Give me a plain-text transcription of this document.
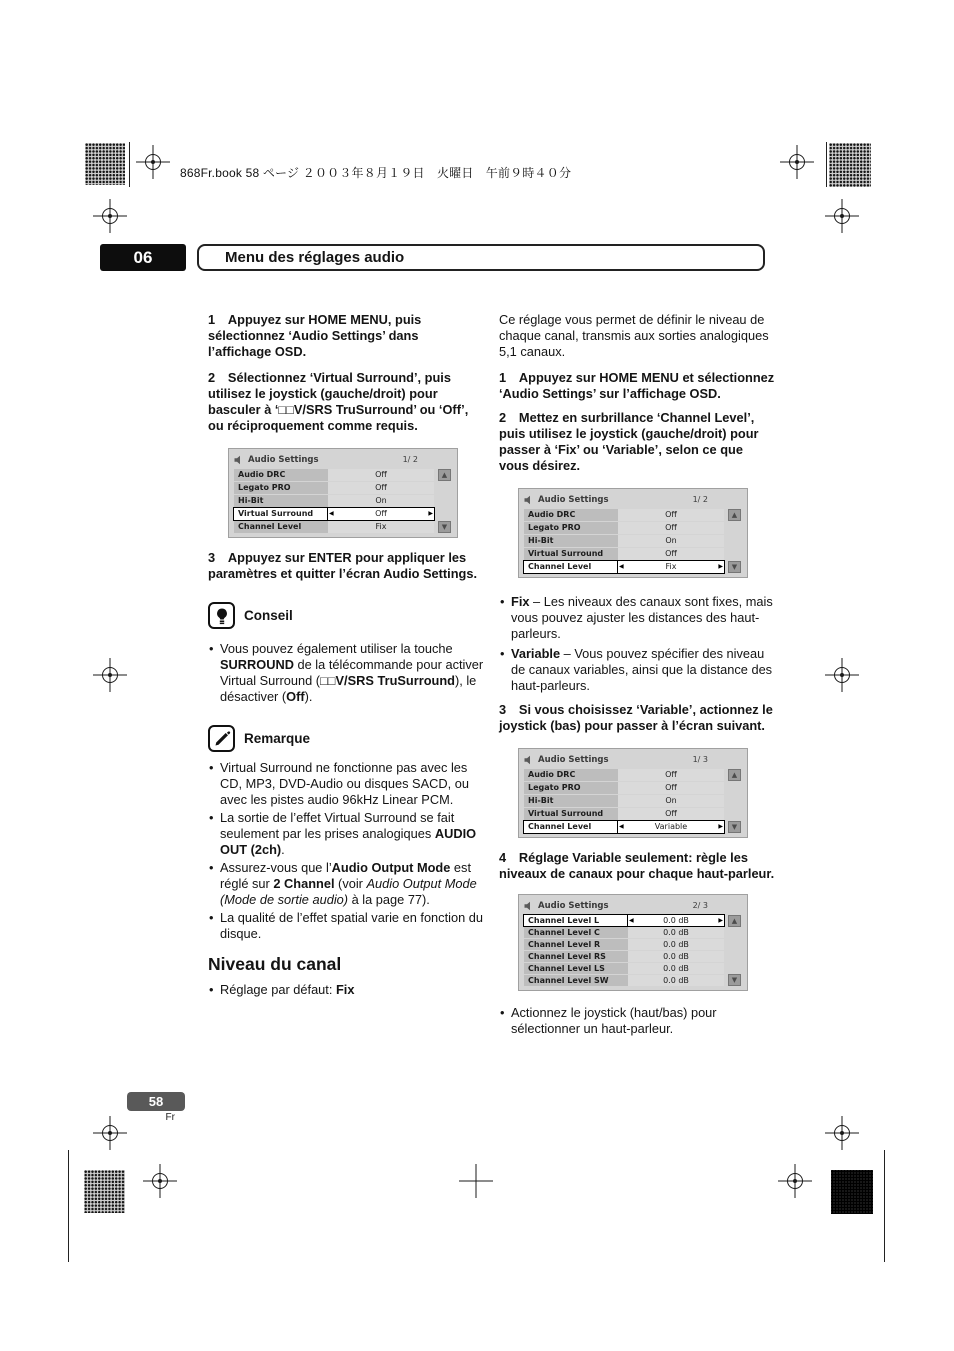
868Fr.book 58 ページ ２００３年８月１９日　火曜日　午前９時４０分
06	Menu des réglages audio
1 Appuyez sur HOME MENU, puis sélectionnez ‘Audio Settings’ dans l’affichage OSD.
2 Sélectionnez ‘Virtual Surround’, puis utilisez le joystick (gauche/droit) pour basculer à ‘□□V/SRS TruSurround’ ou ‘Off’, ou réciproquement comme requis.
Audio Settings	1/ 2
Audio DRC	Off
Legato PRO	Off
Hi-Bit	On
Virtual Surround	◀	Off	▶
Channel Level	Fix
▲
▼
3 Appuyez sur ENTER pour appliquer les paramètres et quitter l’écran Audio Settings.
Conseil
• Vous pouvez également utiliser la touche SURROUND de la télécommande pour activer Virtual Surround (□□V/SRS TruSurround), le désactiver (Off).
Remarque
• Virtual Surround ne fonctionne pas avec les CD, MP3, DVD-Audio ou disques SACD, ou avec les pistes audio 96kHz Linear PCM.
• La sortie de l’effet Virtual Surround se fait seulement par les prises analogiques AUDIO OUT (2ch).
• Assurez-vous que l’Audio Output Mode est réglé sur 2 Channel (voir Audio Output Mode (Mode de sortie audio) à la page 77).
• La qualité de l’effet spatial varie en fonction du disque.
Niveau du canal
• Réglage par défaut: Fix
Ce réglage vous permet de définir le niveau de chaque canal, transmis aux sorties analogiques 5,1 canaux.
1 Appuyez sur HOME MENU et sélectionnez ‘Audio Settings’ sur l’affichage OSD.
2 Mettez en surbrillance ‘Channel Level’, puis utilisez le joystick (gauche/droit) pour passer à ‘Fix’ ou ‘Variable’, selon ce que vous désirez.
Audio Settings	1/ 2
Audio DRC	Off
Legato PRO	Off
Hi-Bit	On
Virtual Surround	Off
Channel Level	◀	Fix	▶
▲
▼
• Fix – Les niveaux des canaux sont fixes, mais vous pouvez ajuster les distances des haut-parleurs.
• Variable – Vous pouvez spécifier des niveau de canaux variables, ainsi que la distance des haut-parleurs.
3 Si vous choisissez ‘Variable’, actionnez le joystick (bas) pour passer à l’écran suivant.
Audio Settings	1/ 3
Audio DRC	Off
Legato PRO	Off
Hi-Bit	On
Virtual Surround	Off
Channel Level	◀	Variable	▶
▲
▼
4 Réglage Variable seulement: règle les niveaux de canaux pour chaque haut-parleur.
Audio Settings	2/ 3
Channel Level L	◀	0.0 dB	▶
Channel Level C	0.0 dB
Channel Level R	0.0 dB
Channel Level RS	0.0 dB
Channel Level LS	0.0 dB
Channel Level SW	0.0 dB
▲
▼
• Actionnez le joystick (haut/bas) pour sélectionner un haut-parleur.
58
Fr
